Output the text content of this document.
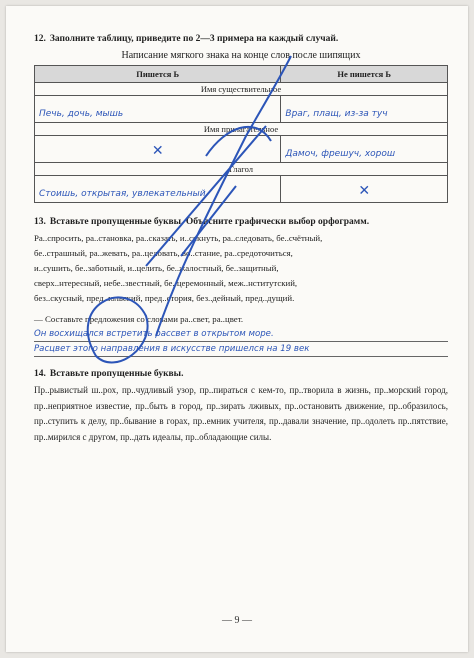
12. Заполните таблицу, приведите по 2—3 примера на каждый случай.
Написание мягкого знака на конце слов после шипящих
Пишется Ь	Не пишется Ь
Имя существительное	

Печь, дочь, мышь	Враг, плащ, из-за туч

Имя прилагательное	

✕	Дамоч, фрешуч, хорош

Глагол	

Стоишь, открытая, увлекательный	✕
13. Вставьте пропущенные буквы. Объясните графически выбор орфограмм.

Ра..спросить, ра..становка, ра..сказать, и..сякнуть, ра..следовать, бе..счётный,

бе..страшный, ра..жевать, ра..целовать, во..стание, ра..средоточиться,

и..сушить, бе..заботный, и..целить, бе..жалостный, бе..защитный,

сверх..нтересный, небе..звестный, бе..церемонный, меж..нститутский,

без..скусный, пред..юльский, пред..стория, без..дейный, пред..дущий.

— Составьте предложения со словами ра..свет, ра..цвет.

Он восхищался встретить рассвет в открытом море.
Расцвет этого направления в искусстве пришелся на 19 век
14. Вставьте пропущенные буквы.
Пр..рывистый ш..рох, пр..чудливый узор, пр..пираться с кем-то, пр..творила в жизнь, пр..морский город, пр..неприятное известие, пр..быть в город, пр..зирать лживых, пр..остановить движение, пр..образилось, пр..ступить к делу, пр..бывание в горах, пр..емник учителя, пр..давали значение, пр..одолеть пр..пятствие, пр..мирился с другом, пр..дать идеалы, пр..обладающие силы.
— 9 —
